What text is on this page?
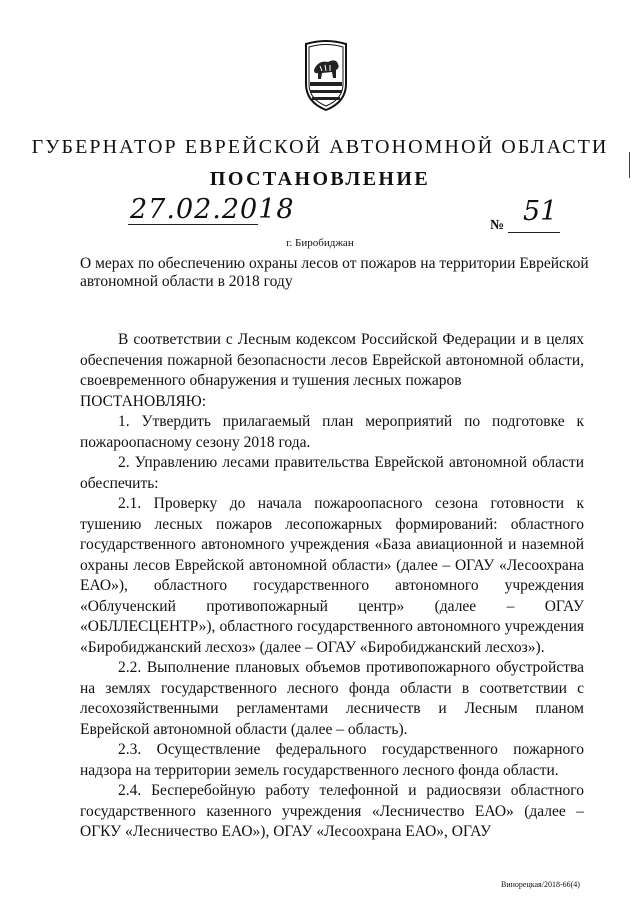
ГУБЕРНАТОР ЕВРЕЙСКОЙ АВТОНОМНОЙ ОБЛАСТИ
ПОСТАНОВЛЕНИЕ
27.02.2018
№ 51
г. Биробиджан
О мерах по обеспечению охраны лесов от пожаров на территории Еврейской автономной области в 2018 году

В соответствии с Лесным кодексом Российской Федерации и в целях обеспечения пожарной безопасности лесов Еврейской автономной области, своевременного обнаружения и тушения лесных пожаров

ПОСТАНОВЛЯЮ:

1. Утвердить прилагаемый план мероприятий по подготовке к пожароопасному сезону 2018 года.

2. Управлению лесами правительства Еврейской автономной области обеспечить:

2.1. Проверку до начала пожароопасного сезона готовности к тушению лесных пожаров лесопожарных формирований: областного государственного автономного учреждения «База авиационной и наземной охраны лесов Еврейской автономной области» (далее – ОГАУ «Лесоохрана ЕАО»), областного государственного автономного учреждения «Облученский противопожарный центр» (далее – ОГАУ «ОБЛЛЕСЦЕНТР»), областного государственного автономного учреждения «Биробиджанский лесхоз» (далее – ОГАУ «Биробиджанский лесхоз»).

2.2. Выполнение плановых объемов противопожарного обустройства на землях государственного лесного фонда области в соответствии с лесохозяйственными регламентами лесничеств и Лесным планом Еврейской автономной области (далее – область).

2.3. Осуществление федерального государственного пожарного надзора на территории земель государственного лесного фонда области.

2.4. Бесперебойную работу телефонной и радиосвязи областного государственного казенного учреждения «Лесничество ЕАО» (далее – ОГКУ «Лесничество ЕАО»), ОГАУ «Лесоохрана ЕАО», ОГАУ

Винорецкая/2018-66(4)
